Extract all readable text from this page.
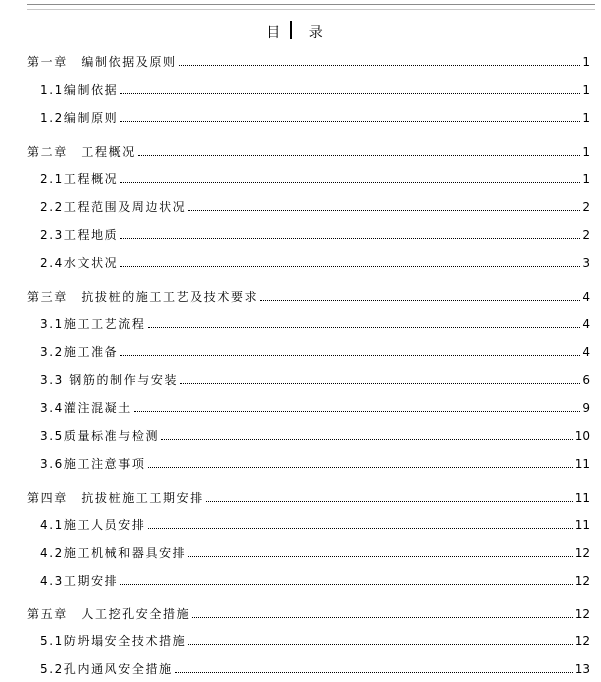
目 录
第一章　编制依据及原则	1
1.1编制依据	1
1.2编制原则	1
第二章　工程概况	1
2.1工程概况	1
2.2工程范围及周边状况	2
2.3工程地质	2
2.4水文状况	3
第三章　抗拔桩的施工工艺及技术要求	4
3.1施工工艺流程	4
3.2施工准备	4
3.3 钢筋的制作与安装	6
3.4灌注混凝土	9
3.5质量标准与检测	10
3.6施工注意事项	11
第四章　抗拔桩施工工期安排	11
4.1施工人员安排	11
4.2施工机械和器具安排	12
4.3工期安排	12
第五章　人工挖孔安全措施	12
5.1防坍塌安全技术措施	12
5.2孔内通风安全措施	13
